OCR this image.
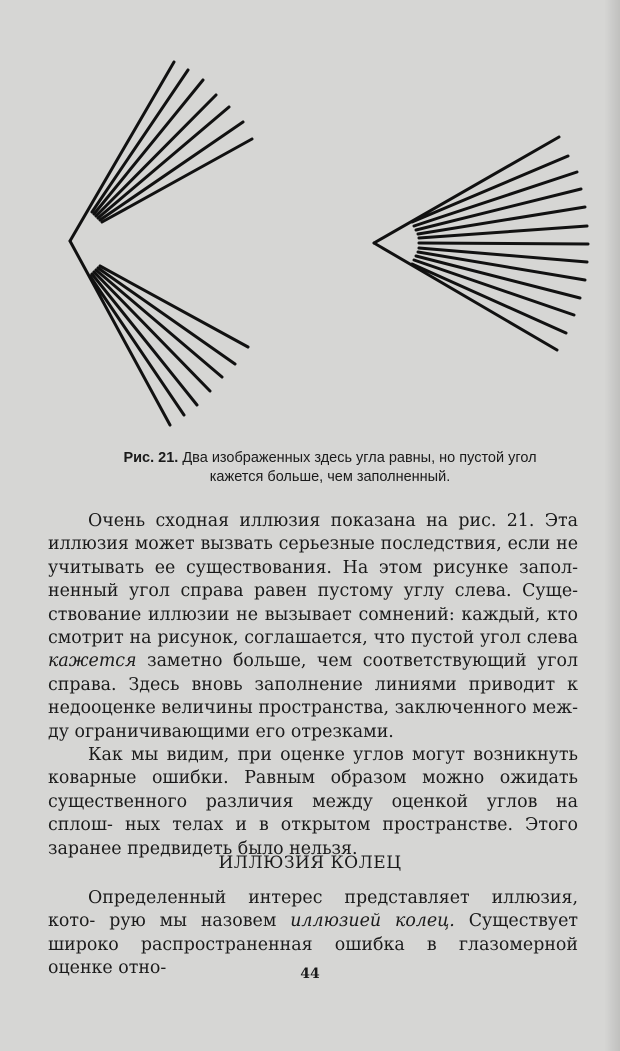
Рис. 21. Два изображенных здесь угла равны, но пустой угол
кажется больше, чем заполненный.

Очень сходная иллюзия показана на рис. 21. Эта иллюзия может вызвать серьезные последствия, если не учитывать ее существования. На этом рисунке запол- ненный угол справа равен пустому углу слева. Суще- ствование иллюзии не вызывает сомнений: каждый, кто смотрит на рисунок, соглашается, что пустой угол слева кажется заметно больше, чем соответствующий угол справа. Здесь вновь заполнение линиями приводит к недооценке величины пространства, заключенного меж- ду ограничивающими его отрезками.

Как мы видим, при оценке углов могут возникнуть коварные ошибки. Равным образом можно ожидать существенного различия между оценкой углов на сплош- ных телах и в открытом пространстве. Этого заранее предвидеть было нельзя.

ИЛЛЮЗИЯ КОЛЕЦ

Определенный интерес представляет иллюзия, кото- рую мы назовем иллюзией колец. Существует широко распространенная ошибка в глазомерной оценке отно-	44
